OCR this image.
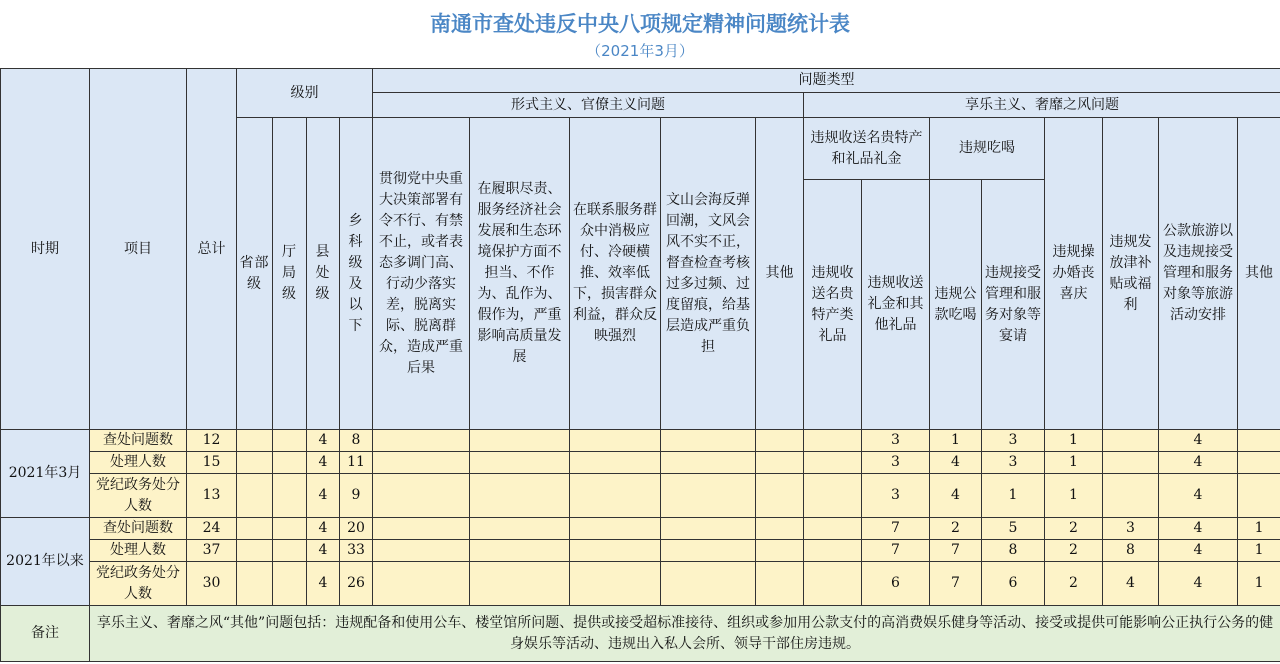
南通市查处违反中央八项规定精神问题统计表
（2021年3月）
时期	项目	总计	级别				问题类型												
							形式主义、官僚主义问题					享乐主义、奢靡之风问题							
			省部级	厅局级	县处级	乡科级及以下	贯彻党中央重大决策部署有令不行、有禁不止，或者表态多调门高、行动少落实差，脱离实际、脱离群众，造成严重后果	在履职尽责、服务经济社会发展和生态环境保护方面不担当、不作为、乱作为、假作为，严重影响高质量发展	在联系服务群众中消极应付、冷硬横推、效率低下，损害群众利益，群众反映强烈	文山会海反弹回潮，文风会风不实不正，督查检查考核过多过频、过度留痕，给基层造成严重负担	其他	违规收送名贵特产和礼品礼金		违规吃喝		违规操办婚丧喜庆	违规发放津补贴或福利	公款旅游以及违规接受管理和服务对象等旅游活动安排	其他
												违规收送名贵特产类礼品	违规收送礼金和其他礼品	违规公款吃喝	违规接受管理和服务对象等宴请				
2021年3月	查处问题数	12			4	8							3	1	3	1		4	
	处理人数	15			4	11							3	4	3	1		4	
	党纪政务处分人数	13			4	9							3	4	1	1		4	
2021年以来	查处问题数	24			4	20							7	2	5	2	3	4	1
	处理人数	37			4	33							7	7	8	2	8	4	1
	党纪政务处分人数	30			4	26							6	7	6	2	4	4	1
备注	享乐主义、奢靡之风“其他”问题包括：违规配备和使用公车、楼堂馆所问题、提供或接受超标准接待、组织或参加用公款支付的高消费娱乐健身等活动、接受或提供可能影响公正执行公务的健身娱乐等活动、违规出入私人会所、领导干部住房违规。																		
